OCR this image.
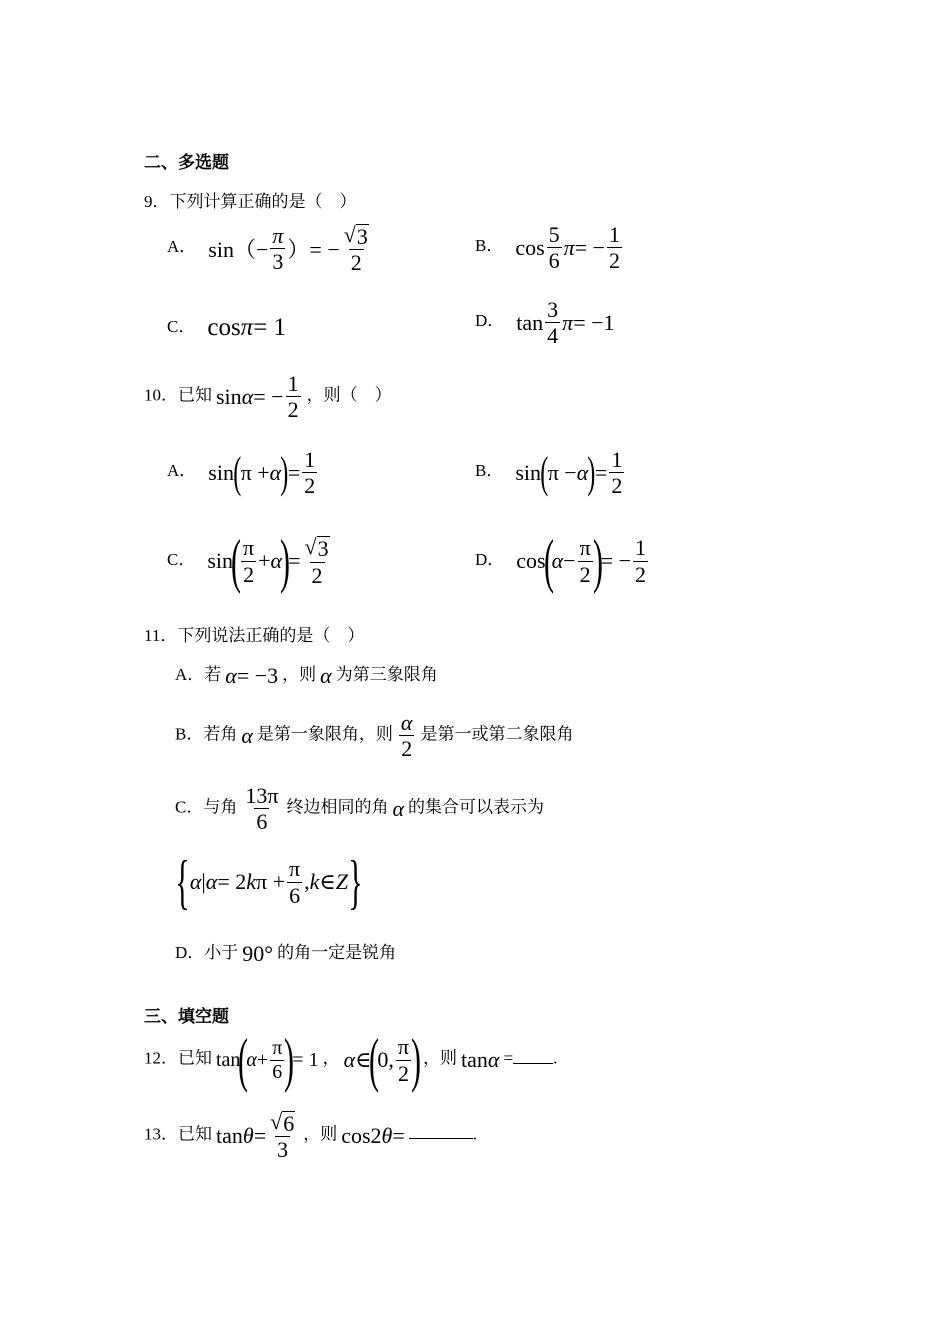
二、多选题
9．下列计算正确的是（　）
A． $\sin(- \frac{\pi}{3}$ ）= − $\frac{√ 3}{2}$	B． $\cos \frac{5}{6}$ π = − $\frac{1}{2}$
C． cos π = 1	D． $\tan \frac{3}{4}$ π = −1
10．已知 sin α = − $\frac{1}{2}$ ，则（　）
A． sin ( π + α ) = $\frac{1}{2}$	B． sin ( π − α ) = $\frac{1}{2}$
C． sin
( $\frac{\pi}{2} + \alpha$
)
= $\frac{√ 3}{2}$	D． cos
(
$\alpha - \frac{\pi}{2}$ )
= − $\frac{1}{2}$
11．下列说法正确的是（　）
A．若 α = −3 ，则 α 为第三象限角
B．若角 α 是第一象限角，则 $\frac{\alpha}{2}$ 是第一或第二象限角
C．与角 $\frac{13\pi}{6}$ 终边相同的角 α 的集合可以表示为
{ α | α = 2 k $\pi + \frac{\pi}{6}$ , k ∈ Z }
D．小于 90° 的角一定是锐角
三、填空题
12．已知 tan
(
$\alpha + \frac{\pi}{6}$ )
= 1 ， α ∈
(
0, $\frac{\pi}{2}$ ) ，则 tan α = .
13．已知 $\tan \theta = \frac{√ 6}{3}$ ，则 cos2 θ =	.
